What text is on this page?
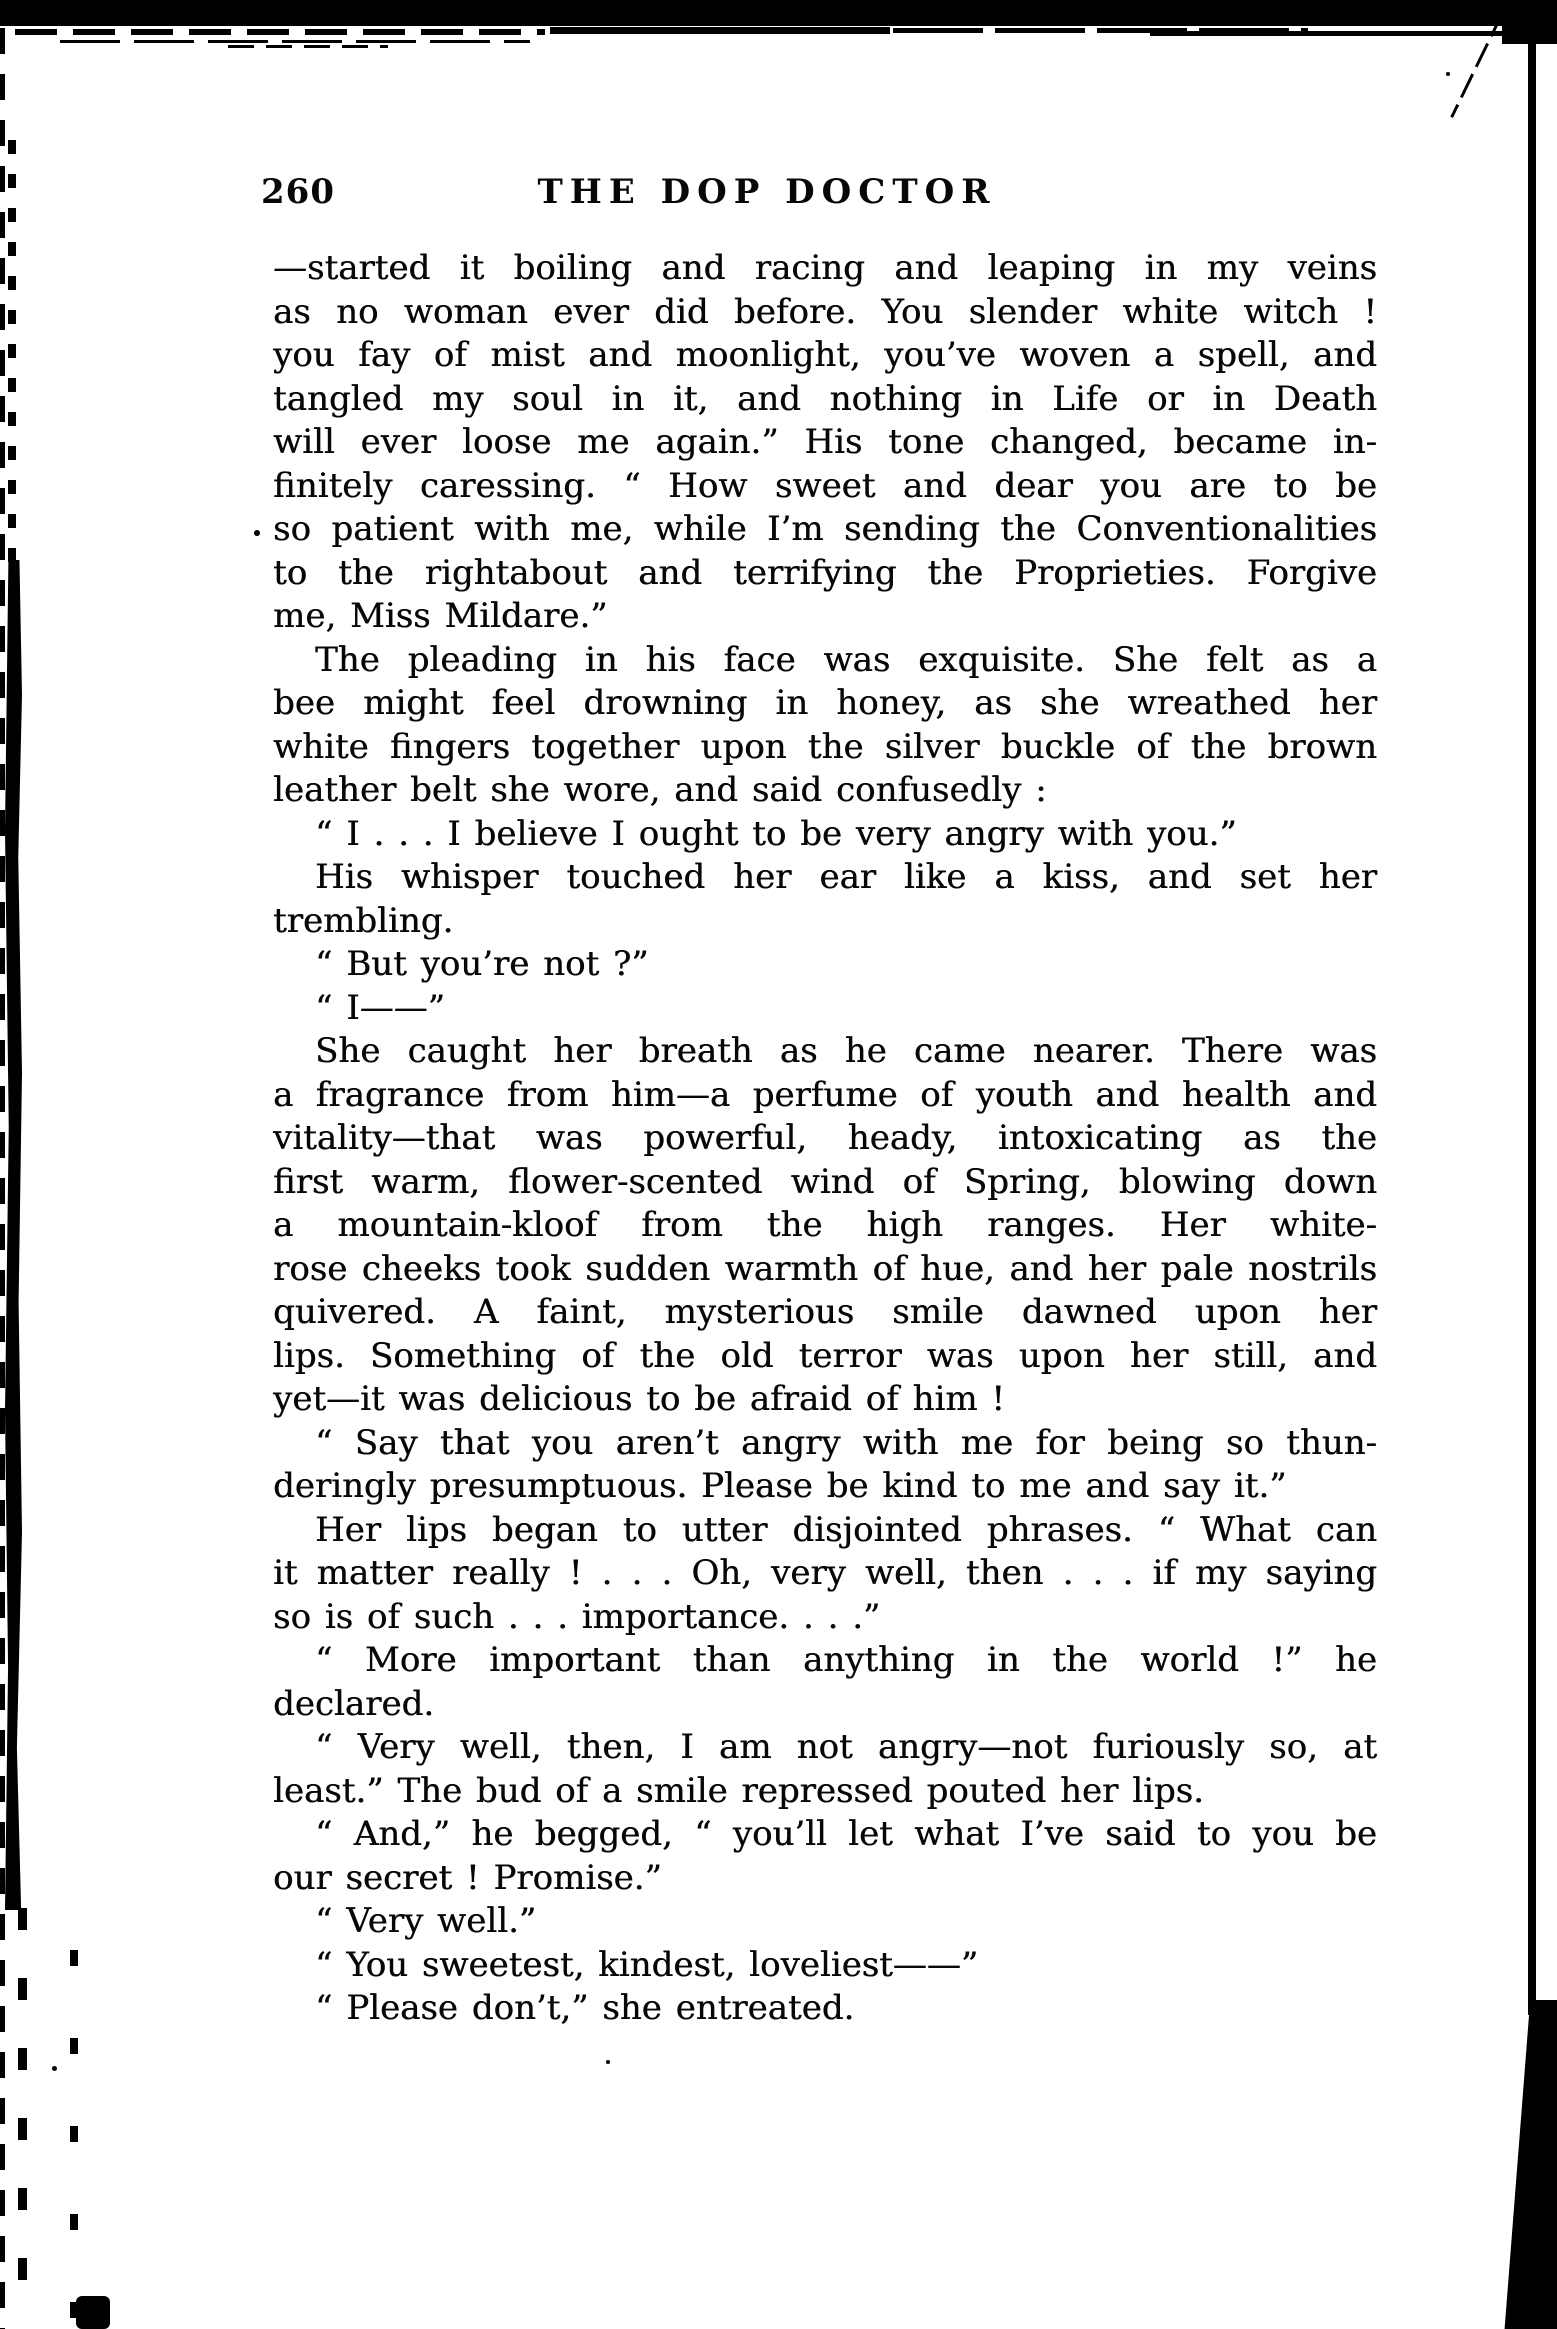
260	THE DOP DOCTOR
—started it boiling and racing and leaping in my veins
as no woman ever did before. You slender white witch !
you fay of mist and moonlight, you’ve woven a spell, and
tangled my soul in it, and nothing in Life or in Death
will ever loose me again.” His tone changed, became in-
finitely caressing. “ How sweet and dear you are to be
so patient with me, while I’m sending the Conventionalities
to the rightabout and terrifying the Proprieties. Forgive
me, Miss Mildare.”
The pleading in his face was exquisite. She felt as a
bee might feel drowning in honey, as she wreathed her
white fingers together upon the silver buckle of the brown
leather belt she wore, and said confusedly :
“ I . . . I believe I ought to be very angry with you.”
His whisper touched her ear like a kiss, and set her
trembling.
“ But you’re not ?”
“ I——”
She caught her breath as he came nearer. There was
a fragrance from him—a perfume of youth and health and
vitality—that was powerful, heady, intoxicating as the
first warm, flower-scented wind of Spring, blowing down
a mountain-kloof from the high ranges. Her white-
rose cheeks took sudden warmth of hue, and her pale nostrils
quivered. A faint, mysterious smile dawned upon her
lips. Something of the old terror was upon her still, and
yet—it was delicious to be afraid of him !
“ Say that you aren’t angry with me for being so thun-
deringly presumptuous. Please be kind to me and say it.”
Her lips began to utter disjointed phrases. “ What can
it matter really ! . . . Oh, very well, then . . . if my saying
so is of such . . . importance. . . .”
“ More important than anything in the world !” he
declared.
“ Very well, then, I am not angry—not furiously so, at
least.” The bud of a smile repressed pouted her lips.
“ And,” he begged, “ you’ll let what I’ve said to you be
our secret ! Promise.”
“ Very well.”
“ You sweetest, kindest, loveliest——”
“ Please don’t,” she entreated.
